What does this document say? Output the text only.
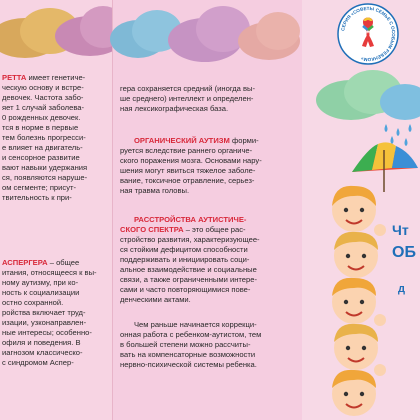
РЕТТА имеет генетиче-

ческую основу и встре-

девочек. Частота забо-

яет 1 случай заболева-

0 рожденных девочек.

тся в норме в первые

тем болезнь прогресси-

е влияет на двигатель-

и сенсорное развитие

вают навыки удержания

ся, появляются наруше-

ом сегменте; присут-

твительность к при-

АСПЕРГЕРА – общее

итания, относящееся к вы-

ному аутизму, при ко-

ность к социализации

остно сохранной.

ройства включает труд-

изации, узконаправлен-

ные интересы; особенно-

офиля и поведения. В

иагнозом классическо-

с синдромом Аспер-

гера сохраняется средний (иногда вы-

ше среднего) интеллект и определен-

ная лексикографическая база.

ОРГАНИЧЕСКИЙ АУТИЗМ форми-

руется вследствие раннего органиче-

ского поражения мозга. Основами нару-

шения могут явиться тяжелое заболе-

вание, токсичное отравление, серьез-

ная травма головы.

РАССТРОЙСТВА АУТИСТИЧЕ-

СКОГО СПЕКТРА – это общее рас-

стройство развития, характеризующее-

ся стойким дефицитом способности

поддерживать и инициировать соци-

альное взаимодействие и социальные

связи, а также ограниченными интере-

сами и часто повторяющимися пове-

денческими актами.

Чем раньше начинается коррекци-

онная работа с ребенком-аутистом, тем

в большей степени можно рассчиты-

вать на компенсаторные возможности

нервно-психической системы ребенка.

СЕРИЯ «СОВЕТЫ СЕМЬЕ С ОСОБЫМ РЕБЕНКОМ»
Чт
ОБ
д
